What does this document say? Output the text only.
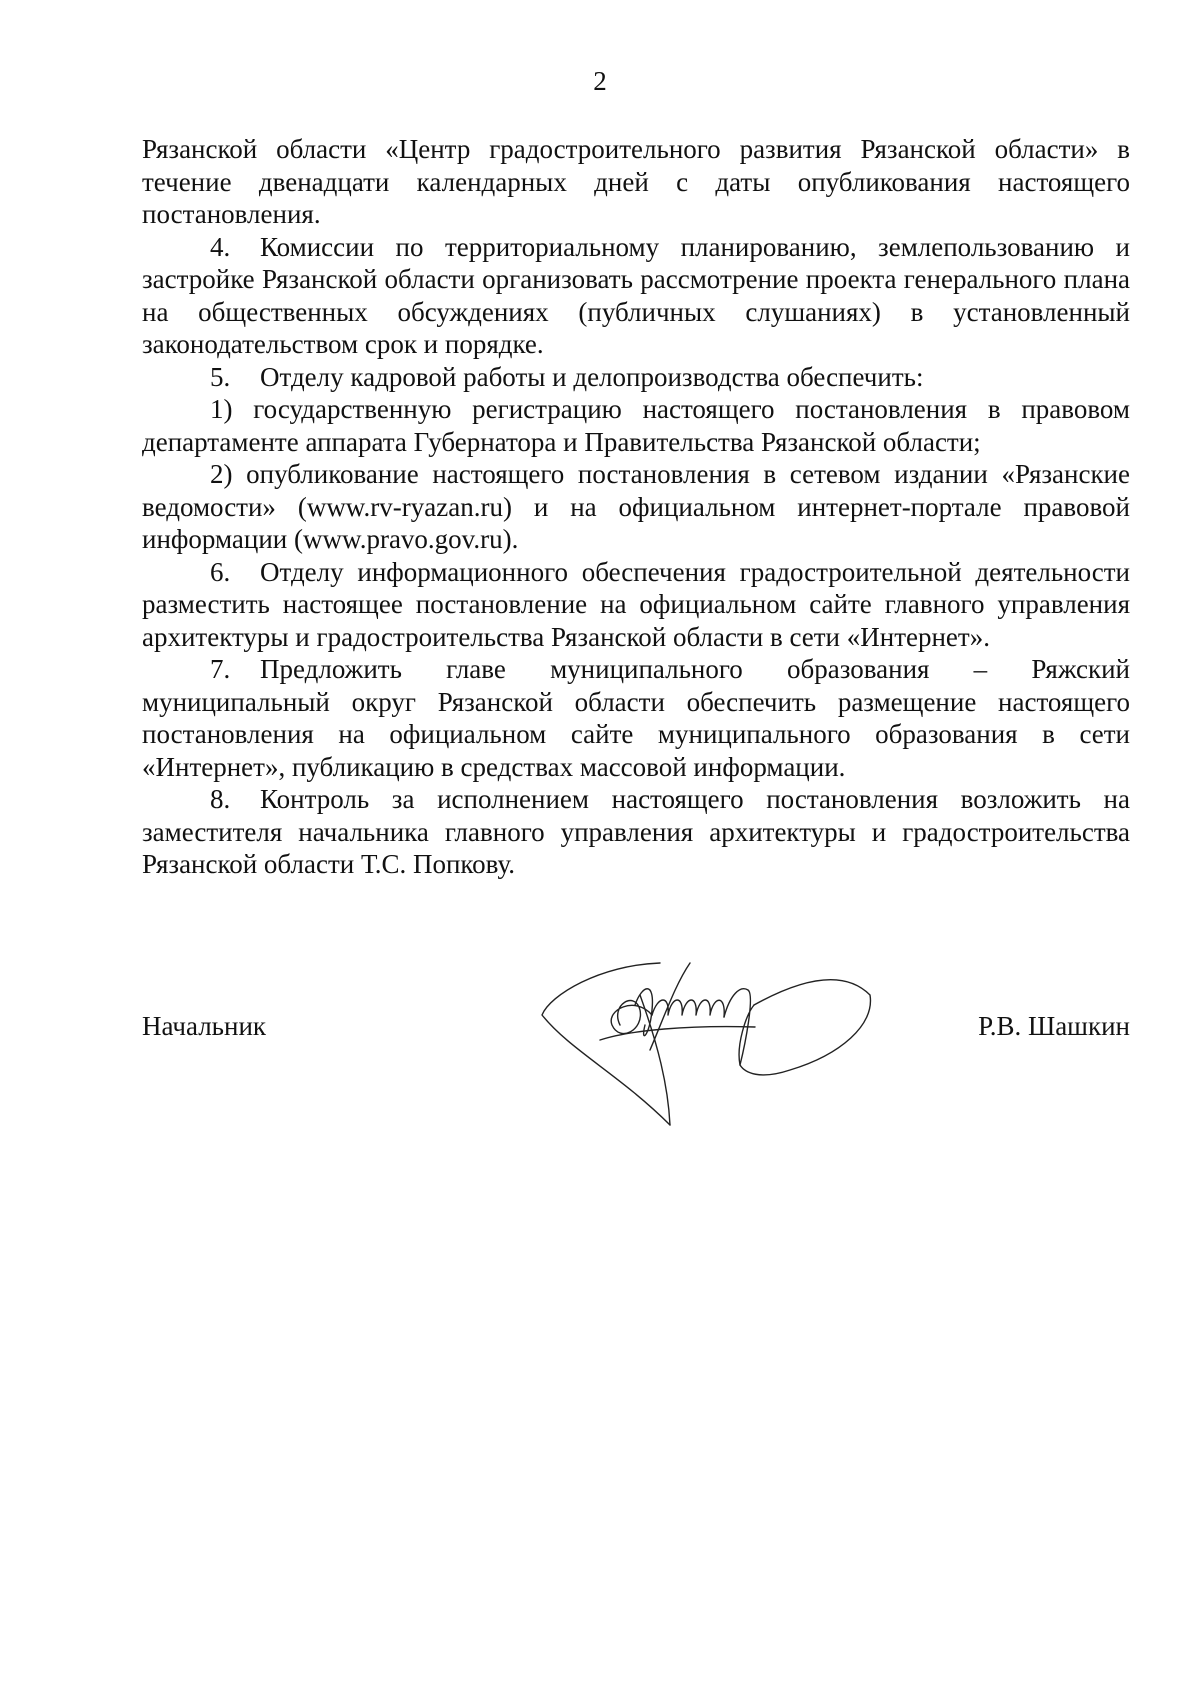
2

Рязанской области «Центр градостроительного развития Рязанской области» в течение двенадцати календарных дней с даты опубликования настоящего постановления.

4. Комиссии по территориальному планированию, землепользованию и застройке Рязанской области организовать рассмотрение проекта генерального плана на общественных обсуждениях (публичных слушаниях) в установленный законодательством срок и порядке.

5. Отделу кадровой работы и делопроизводства обеспечить:

1) государственную регистрацию настоящего постановления в правовом департаменте аппарата Губернатора и Правительства Рязанской области;

2) опубликование настоящего постановления в сетевом издании «Рязанские ведомости» (www.rv-ryazan.ru) и на официальном интернет-портале правовой информации (www.pravo.gov.ru).

6. Отделу информационного обеспечения градостроительной деятельности разместить настоящее постановление на официальном сайте главного управления архитектуры и градостроительства Рязанской области в сети «Интернет».

7. Предложить главе муниципального образования – Ряжский муниципальный округ Рязанской области обеспечить размещение настоящего постановления на официальном сайте муниципального образования в сети «Интернет», публикацию в средствах массовой информации.

8. Контроль за исполнением настоящего постановления возложить на заместителя начальника главного управления архитектуры и градостроительства Рязанской области Т.С. Попкову.

Начальник	Р.В. Шашкин
